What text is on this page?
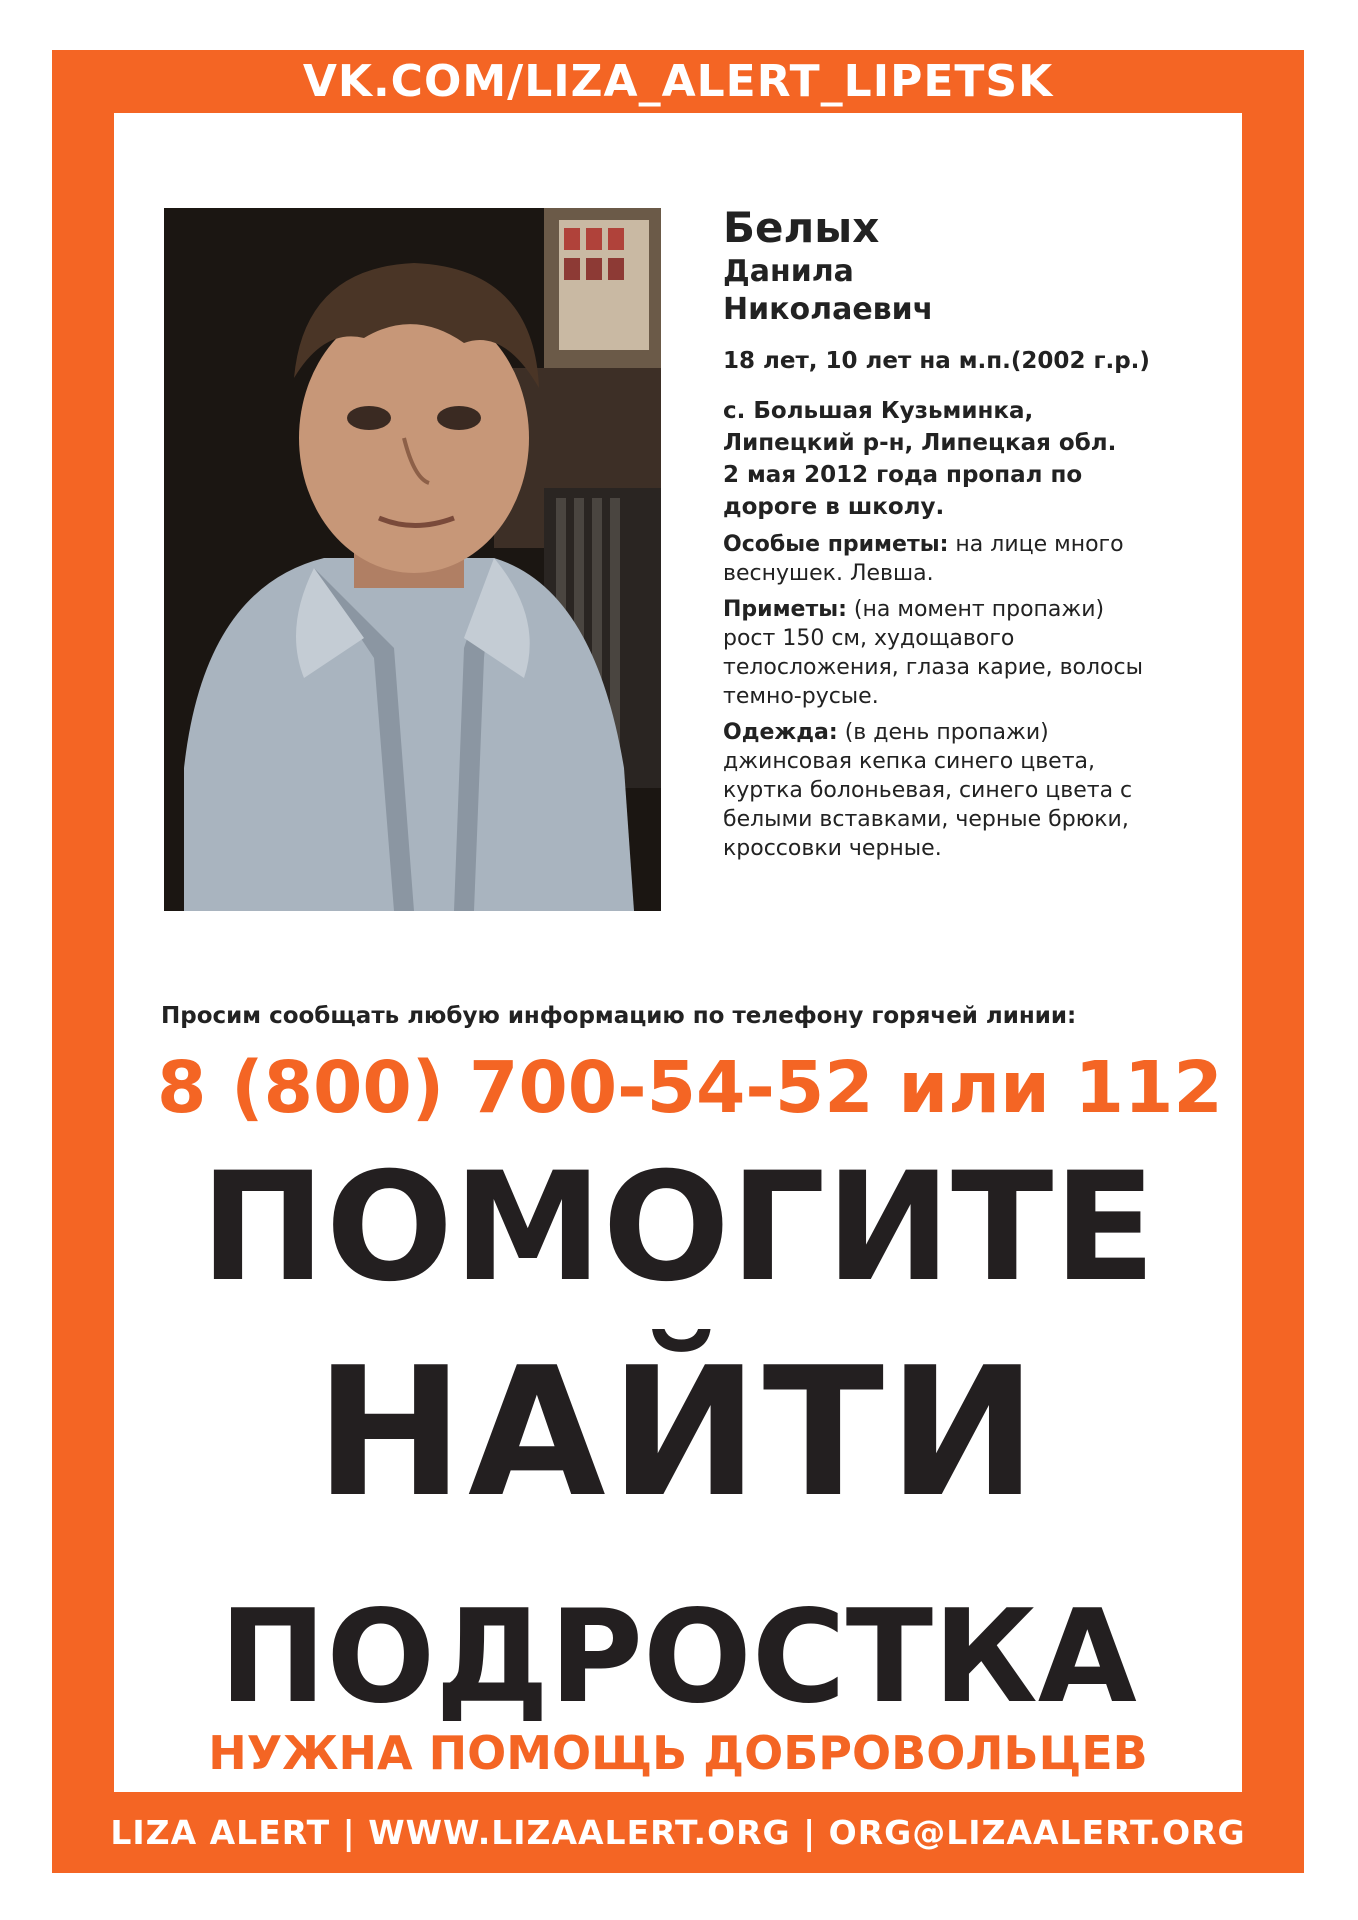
VK.COM/LIZA_ALERT_LIPETSK
Белых
Данила
Николаевич
18 лет, 10 лет на м.п.(2002 г.р.)
с. Большая Кузьминка,
Липецкий р-н, Липецкая обл.
2 мая 2012 года пропал по
дороге в школу.
Особые приметы: на лице много
веснушек. Левша.
Приметы: (на момент пропажи)
рост 150 см, худощавого
телосложения, глаза карие, волосы
темно-русые.
Одежда: (в день пропажи)
джинсовая кепка синего цвета,
куртка болоньевая, синего цвета с
белыми вставками, черные брюки,
кроссовки черные.
Просим сообщать любую информацию по телефону горячей линии:
8 (800) 700-54-52 или 112
ПОМОГИТЕ
НАЙТИ
ПОДРОСТКА
НУЖНА ПОМОЩЬ ДОБРОВОЛЬЦЕВ
LIZA ALERT | WWW.LIZAALERT.ORG | ORG@LIZAALERT.ORG
